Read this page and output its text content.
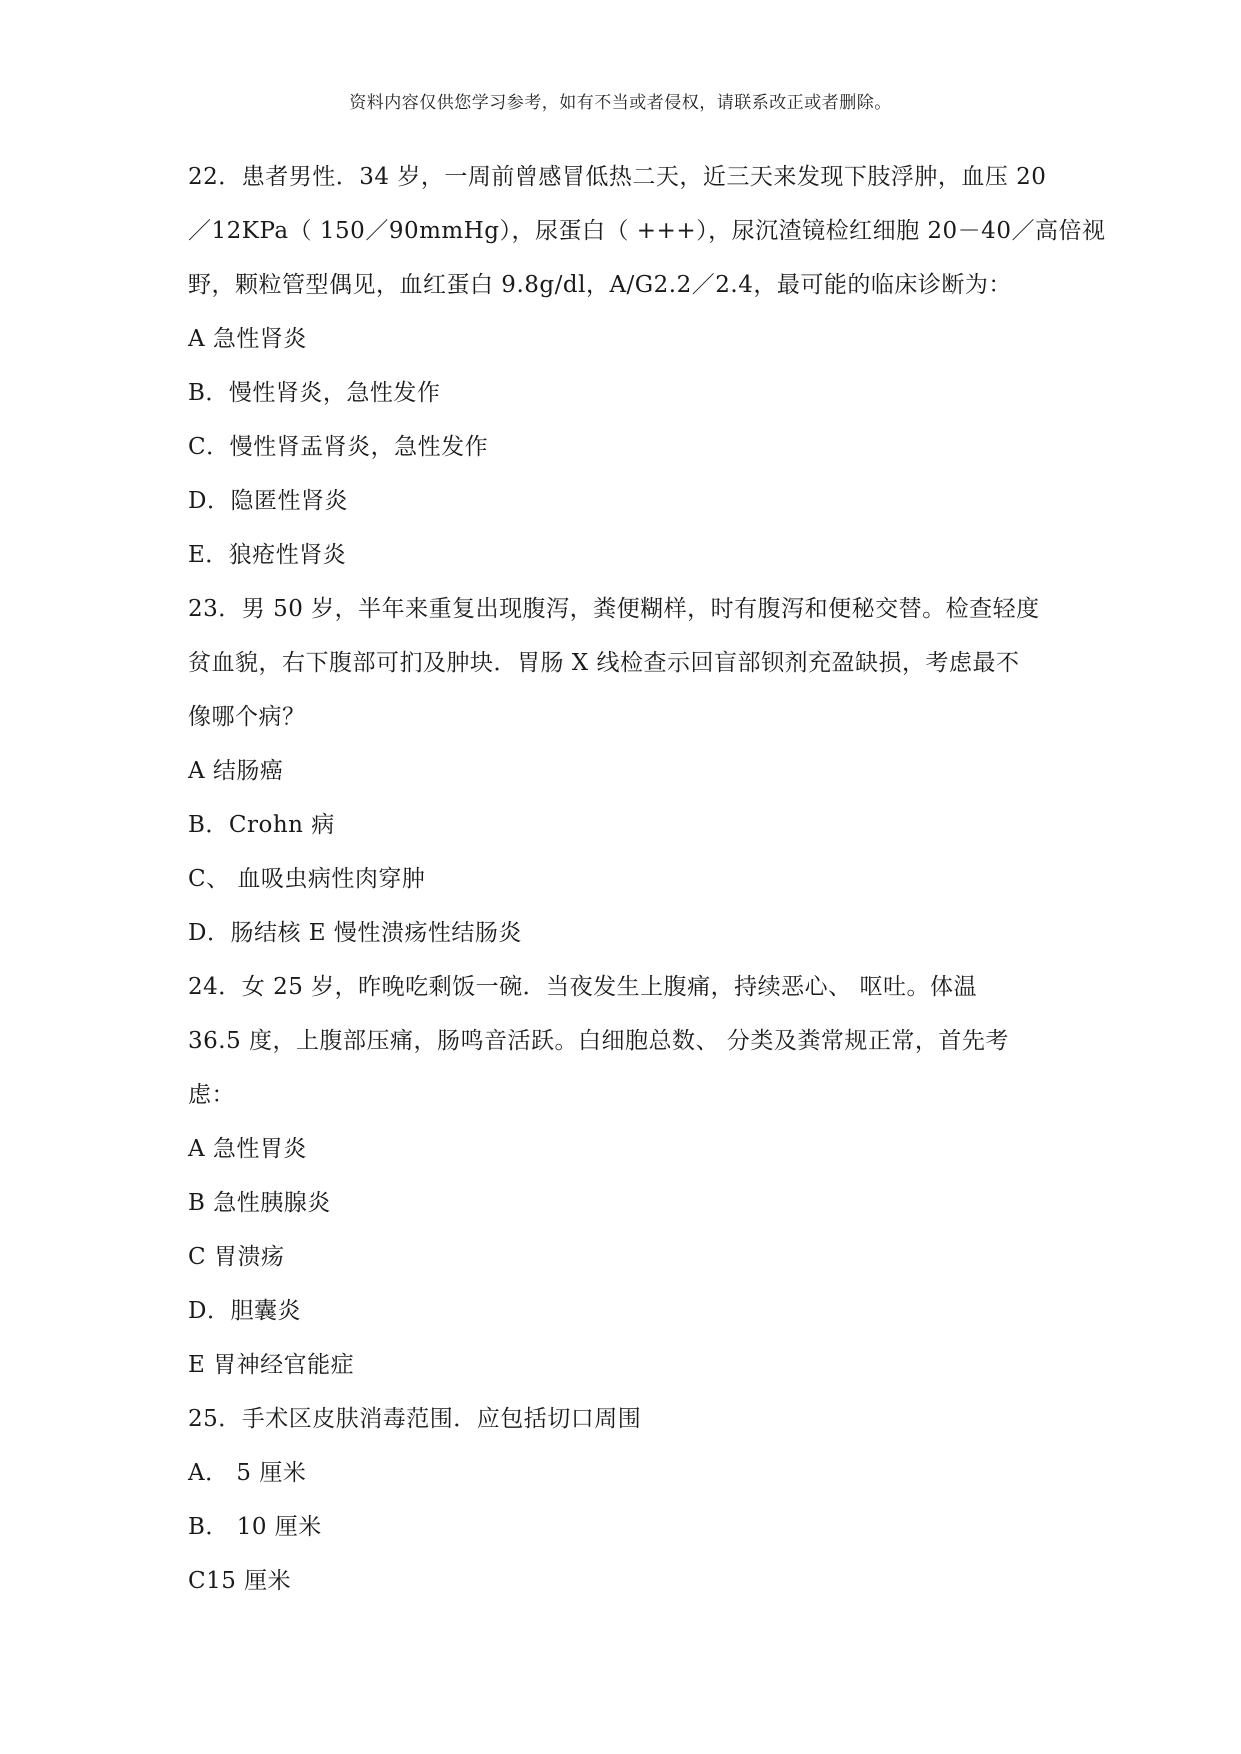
资料内容仅供您学习参考，如有不当或者侵权，请联系改正或者删除。
22．患者男性．34 岁，一周前曾感冒低热二天，近三天来发现下肢浮肿，血压 20
／12KPa（ 150／90mmHg），尿蛋白（ +++），尿沉渣镜检红细胞 20－40／高倍视
野，颗粒管型偶见，血红蛋白 9.8g/dl，A/G2.2／2.4，最可能的临床诊断为：
A 急性肾炎
B．慢性肾炎，急性发作
C．慢性肾盂肾炎，急性发作
D．隐匿性肾炎
E．狼疮性肾炎
23．男 50 岁，半年来重复出现腹泻，粪便糊样，时有腹泻和便秘交替。检查轻度
贫血貌，右下腹部可扪及肿块．胃肠 X 线检查示回盲部钡剂充盈缺损，考虑最不
像哪个病？
A 结肠癌
B．Crohn 病
C、 血吸虫病性肉穿肿
D．肠结核 E 慢性溃疡性结肠炎
24．女 25 岁，昨晚吃剩饭一碗．当夜发生上腹痛，持续恶心、 呕吐。体温
36.5 度，上腹部压痛，肠鸣音活跃。白细胞总数、 分类及粪常规正常，首先考
虑：
A 急性胃炎
B 急性胰腺炎
C 胃溃疡
D．胆囊炎
E 胃神经官能症
25．手术区皮肤消毒范围．应包括切口周围
A． 5 厘米
B． 10 厘米
C15 厘米
